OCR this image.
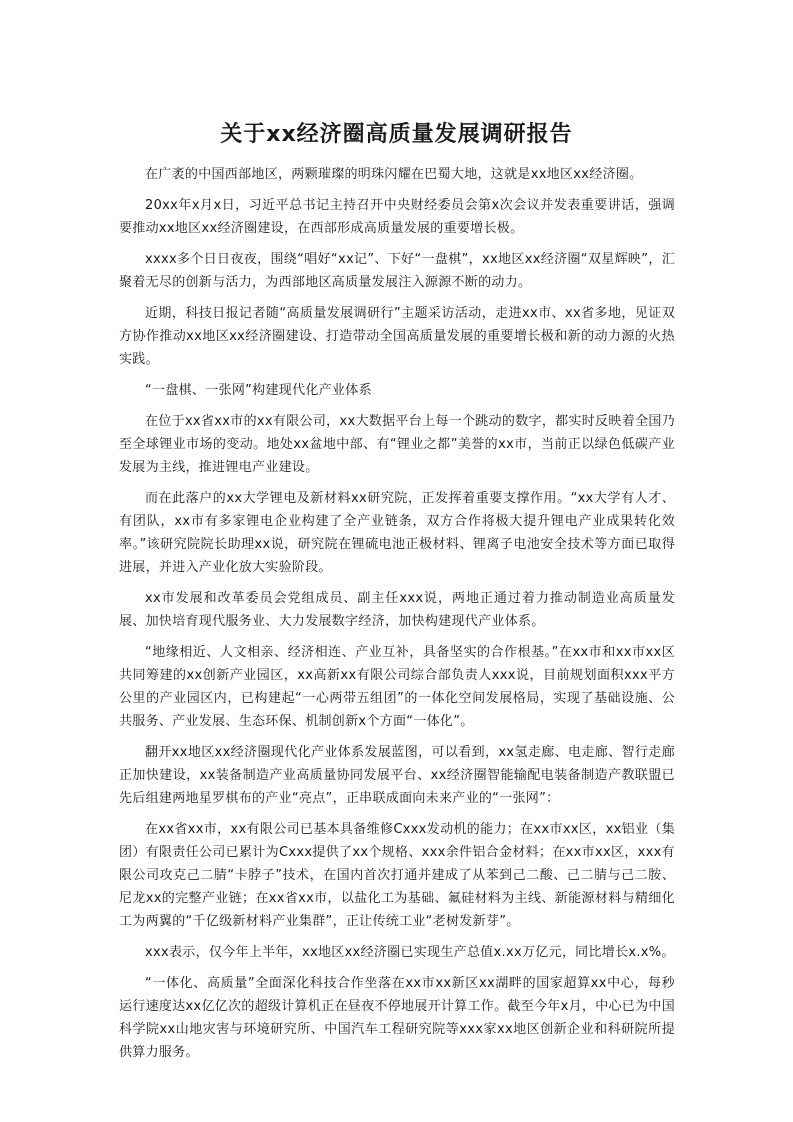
关于xx经济圈高质量发展调研报告

在广袤的中国西部地区，两颗璀璨的明珠闪耀在巴蜀大地，这就是xx地区xx经济圈。

20xx年x月x日，习近平总书记主持召开中央财经委员会第x次会议并发表重要讲话，强调要推动xx地区xx经济圈建设，在西部形成高质量发展的重要增长极。

xxxx多个日日夜夜，围绕“唱好“xx记”、下好“一盘棋”，xx地区xx经济圈“双星辉映”，汇聚着无尽的创新与活力，为西部地区高质量发展注入源源不断的动力。

近期，科技日报记者随“高质量发展调研行”主题采访活动，走进xx市、xx省多地，见证双方协作推动xx地区xx经济圈建设、打造带动全国高质量发展的重要增长极和新的动力源的火热实践。

“一盘棋、一张网”构建现代化产业体系

在位于xx省xx市的xx有限公司，xx大数据平台上每一个跳动的数字，都实时反映着全国乃至全球锂业市场的变动。地处xx盆地中部、有“锂业之都”美誉的xx市，当前正以绿色低碳产业发展为主线，推进锂电产业建设。

而在此落户的xx大学锂电及新材料xx研究院，正发挥着重要支撑作用。“xx大学有人才、有团队，xx市有多家锂电企业构建了全产业链条，双方合作将极大提升锂电产业成果转化效率。”该研究院院长助理xx说，研究院在锂硫电池正极材料、锂离子电池安全技术等方面已取得进展，并进入产业化放大实验阶段。

xx市发展和改革委员会党组成员、副主任xxx说，两地正通过着力推动制造业高质量发展、加快培育现代服务业、大力发展数字经济，加快构建现代产业体系。

“地缘相近、人文相亲、经济相连、产业互补，具备坚实的合作根基。”在xx市和xx市xx区共同筹建的xx创新产业园区，xx高新xx有限公司综合部负责人xxx说，目前规划面积xxx平方公里的产业园区内，已构建起“一心两带五组团”的一体化空间发展格局，实现了基础设施、公共服务、产业发展、生态环保、机制创新x个方面“一体化”。

翻开xx地区xx经济圈现代化产业体系发展蓝图，可以看到，xx氢走廊、电走廊、智行走廊正加快建设，xx装备制造产业高质量协同发展平台、xx经济圈智能输配电装备制造产教联盟已先后组建两地星罗棋布的产业“亮点”，正串联成面向未来产业的“一张网”：

在xx省xx市，xx有限公司已基本具备维修Cxxx发动机的能力；在xx市xx区，xx铝业（集团）有限责任公司已累计为Cxxx提供了xx个规格、xxx余件铝合金材料；在xx市xx区，xxx有限公司攻克己二腈“卡脖子”技术，在国内首次打通并建成了从苯到己二酸、己二腈与己二胺、尼龙xx的完整产业链；在xx省xx市，以盐化工为基础、氟硅材料为主线、新能源材料与精细化工为两翼的“千亿级新材料产业集群”，正让传统工业“老树发新芽”。

xxx表示，仅今年上半年，xx地区xx经济圈已实现生产总值x.xx万亿元，同比增长x.x%。

“一体化、高质量”全面深化科技合作坐落在xx市xx新区xx湖畔的国家超算xx中心，每秒运行速度达xx亿亿次的超级计算机正在昼夜不停地展开计算工作。截至今年x月，中心已为中国科学院xx山地灾害与环境研究所、中国汽车工程研究院等xxx家xx地区创新企业和科研院所提供算力服务。
